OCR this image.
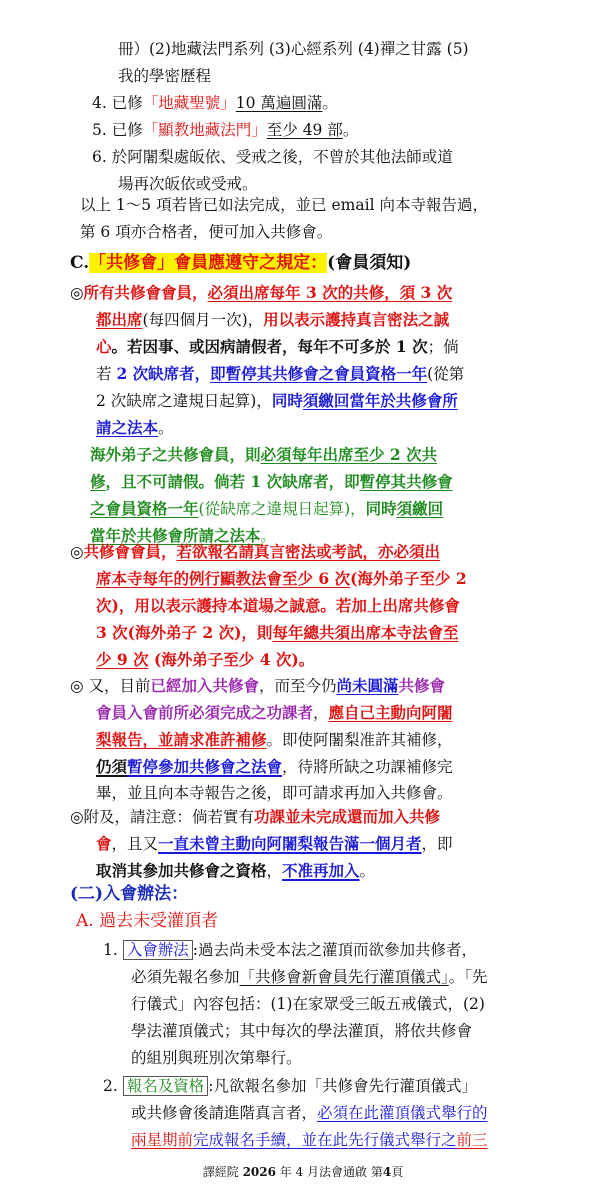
冊）(2)地藏法門系列 (3)心經系列 (4)禪之甘露 (5)
我的學密歷程
4. 已修「地藏聖號」10 萬遍圓滿。
5. 已修「顯教地藏法門」至少 49 部。
6. 於阿闍梨處皈依、受戒之後，不曾於其他法師或道
場再次皈依或受戒。
以上 1～5 項若皆已如法完成，並已 email 向本寺報告過，
第 6 項亦合格者，便可加入共修會。
C.「共修會」會員應遵守之規定：(會員須知)
◎所有共修會會員，必須出席每年 3 次的共修，須 3 次
都出席(每四個月一次)，用以表示護持真言密法之誠
心。若因事、或因病請假者，每年不可多於 1 次；倘
若 2 次缺席者，即暫停其共修會之會員資格一年(從第
2 次缺席之違規日起算)，同時須繳回當年於共修會所
請之法本。
海外弟子之共修會員，則必須每年出席至少 2 次共
修，且不可請假。倘若 1 次缺席者，即暫停其共修會
之會員資格一年(從缺席之違規日起算)，同時須繳回
當年於共修會所請之法本。
◎共修會會員，若欲報名請真言密法或考試，亦必須出
席本寺每年的例行顯教法會至少 6 次(海外弟子至少 2
次)，用以表示護持本道場之誠意。若加上出席共修會
3 次(海外弟子 2 次)，則每年總共須出席本寺法會至
少 9 次 (海外弟子至少 4 次)。
◎ 又，目前已經加入共修會，而至今仍尚未圓滿共修會
會員入會前所必須完成之功課者，應自己主動向阿闍
梨報告，並請求准許補修。即使阿闍梨准許其補修，
仍須暫停參加共修會之法會，待將所缺之功課補修完
畢，並且向本寺報告之後，即可請求再加入共修會。
◎附及，請注意：倘若實有功課並未完成還而加入共修
會，且又一直未曾主動向阿闍梨報告滿一個月者，即
取消其參加共修會之資格，不准再加入。
(二)入會辦法：
A. 過去未受灌頂者
1. 入會辦法 :過去尚未受本法之灌頂而欲參加共修者，
必須先報名參加「共修會新會員先行灌頂儀式」。「先
行儀式」內容包括：(1)在家眾受三皈五戒儀式，(2)
學法灌頂儀式；其中每次的學法灌頂，將依共修會
的組別與班別次第舉行。
2. 報名及資格 :凡欲報名參加「共修會先行灌頂儀式」
或共修會後請進階真言者，必須在此灌頂儀式舉行的
兩星期前完成報名手續，並在此先行儀式舉行之前三
譯經院 2026 年 4 月法會通啟 第4頁
